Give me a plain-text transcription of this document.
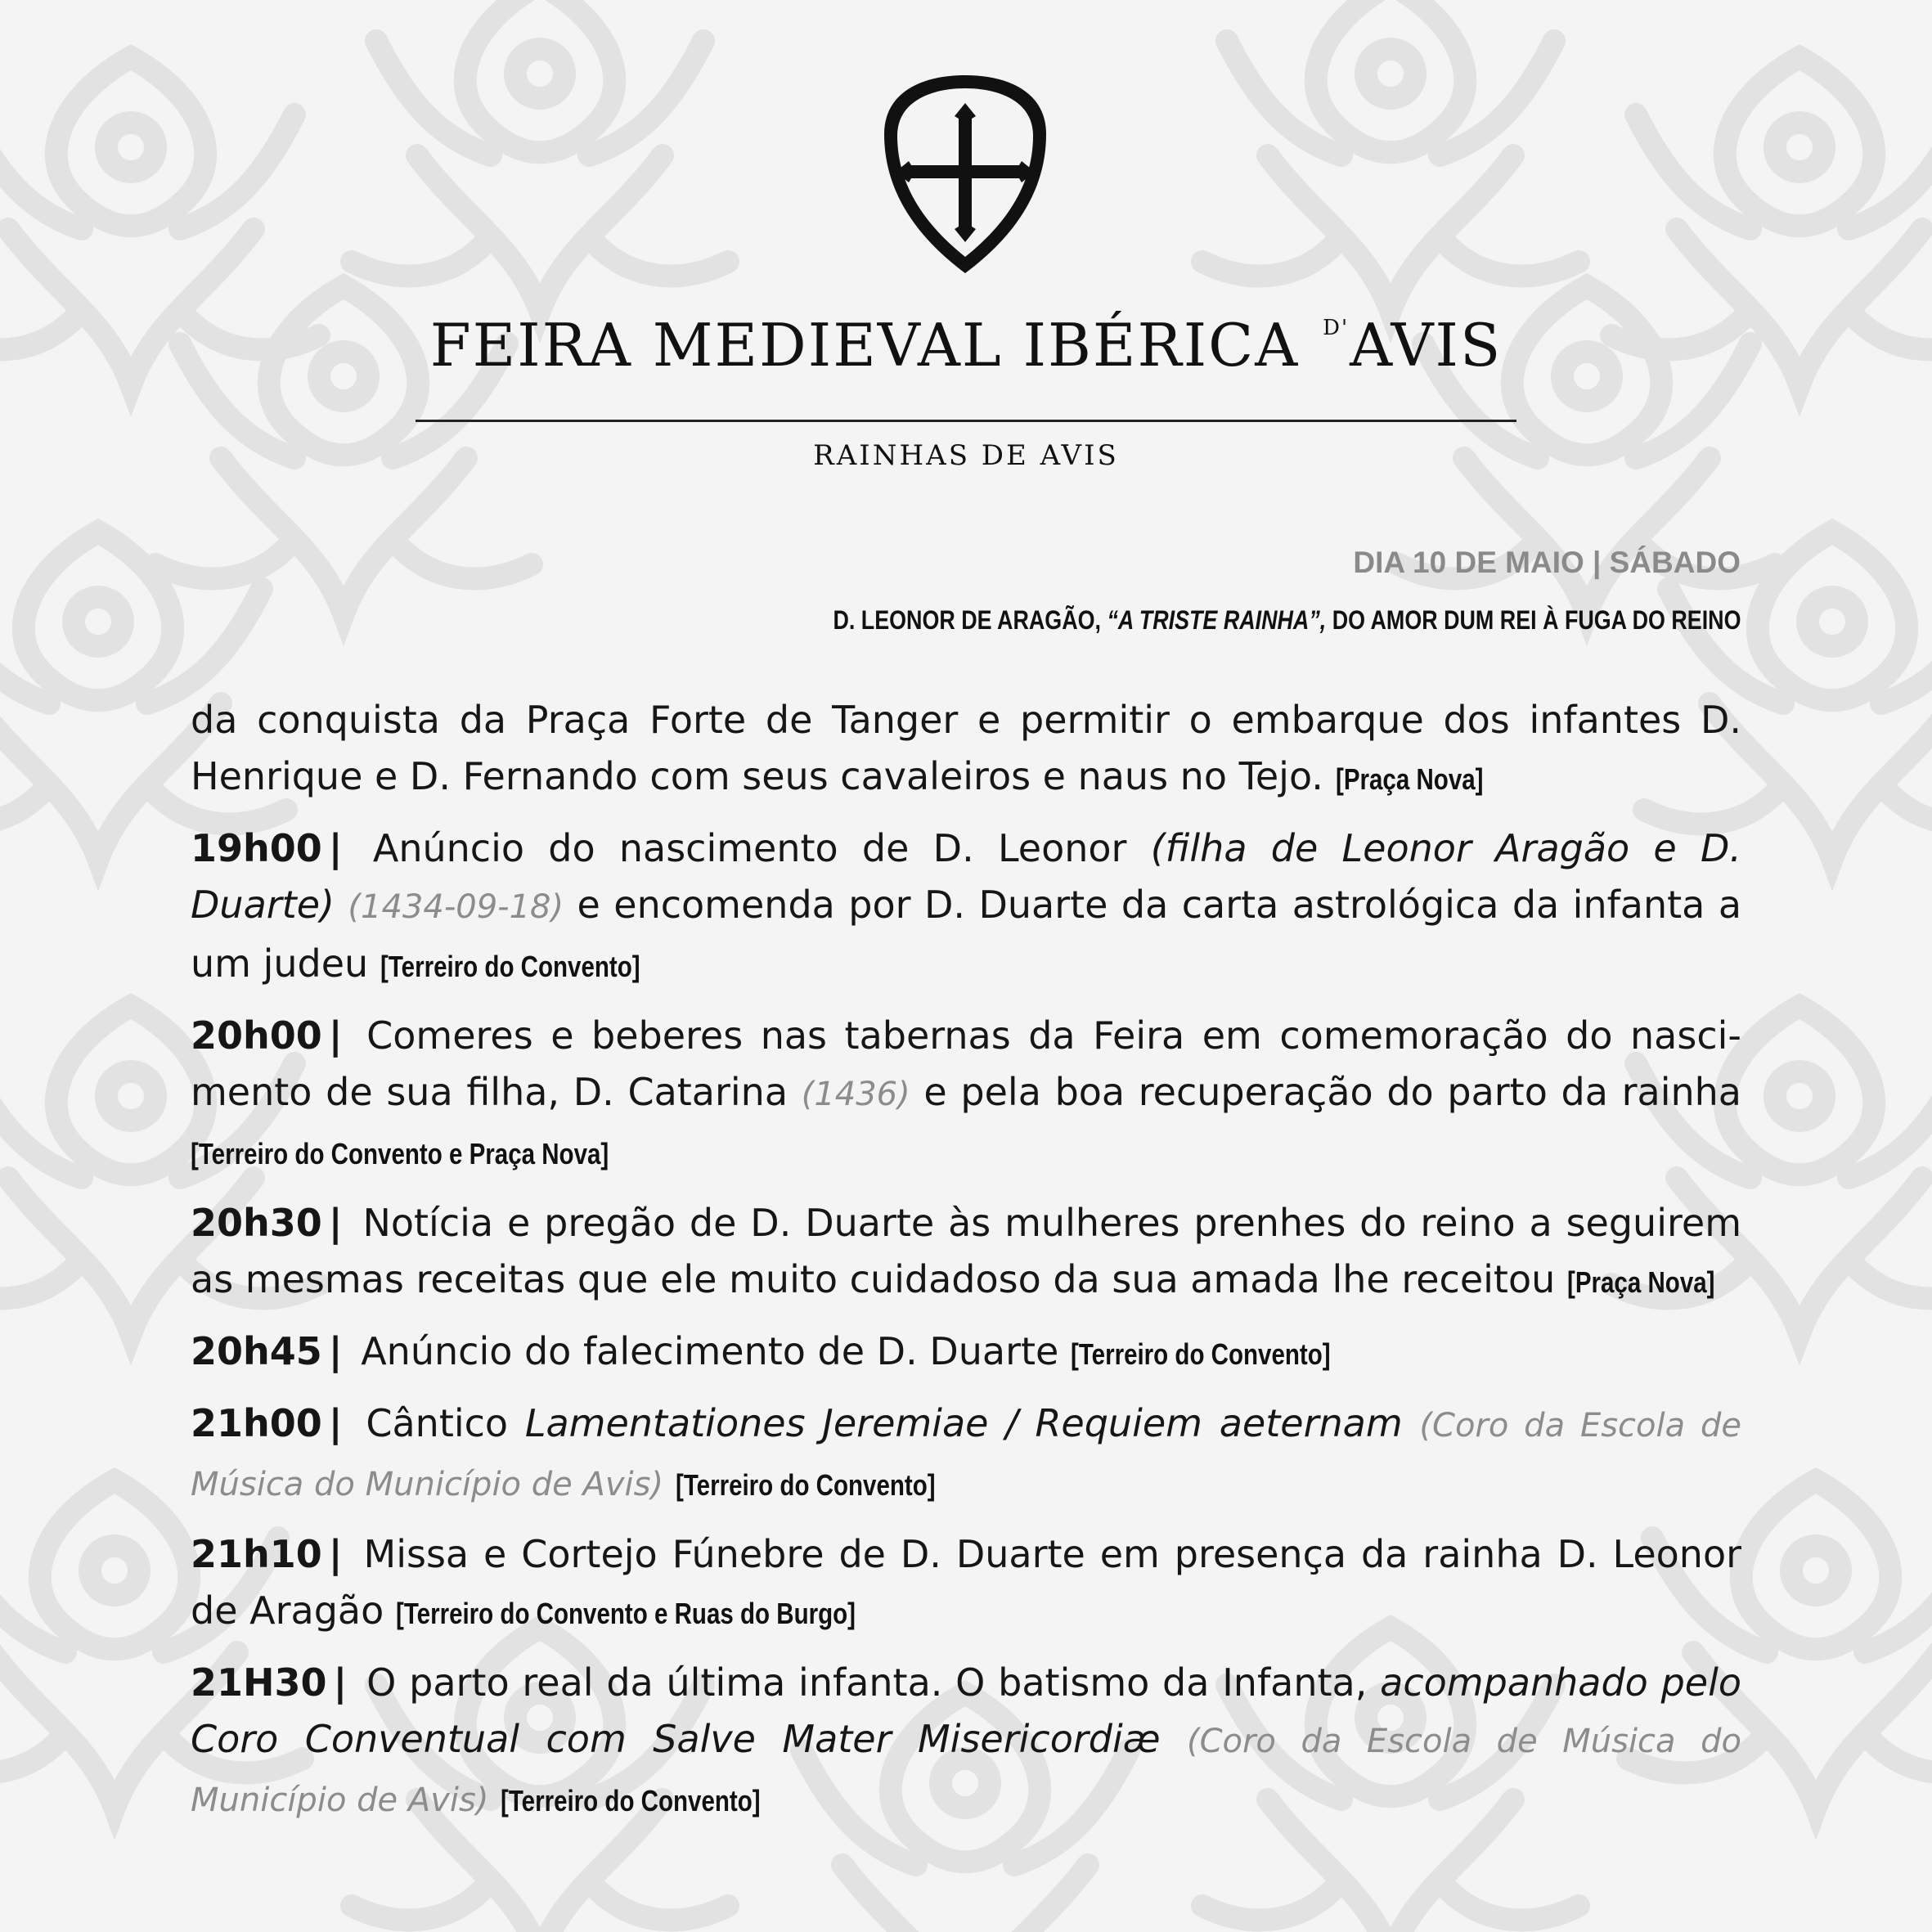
FEIRA MEDIEVAL IBÉRICA $^{D'}$AVIS
RAINHAS DE AVIS
DIA 10 DE MAIO | SÁBADO
D. LEONOR DE ARAGÃO, “A TRISTE RAINHA”, DO AMOR DUM REI À FUGA DO REINO
da conquista da Praça Forte de Tanger e permitir o embarque dos infantes D. Henrique e D. Fernando com seus cavaleiros e naus no Tejo. [Praça Nova]
19h00 | Anúncio do nascimento de D. Leonor (filha de Leonor Aragão e D. Duarte) (1434-09-18) e encomenda por D. Duarte da carta astrológica da infanta a um judeu [Terreiro do Convento]
20h00 | Comeres e beberes nas tabernas da Feira em comemoração do nascimento de sua filha, D. Catarina (1436) e pela boa recuperação do parto da rainha [Terreiro do Convento e Praça Nova]
20h30 | Notícia e pregão de D. Duarte às mulheres prenhes do reino a seguirem as mesmas receitas que ele muito cuidadoso da sua amada lhe receitou [Praça Nova]
20h45 | Anúncio do falecimento de D. Duarte [Terreiro do Convento]
21h00 | Cântico Lamentationes Jeremiae / Requiem aeternam (Coro da Escola de Música do Município de Avis) [Terreiro do Convento]
21h10 | Missa e Cortejo Fúnebre de D. Duarte em presença da rainha D. Leonor de Aragão [Terreiro do Convento e Ruas do Burgo]
21H30 | O parto real da última infanta. O batismo da Infanta, acompanhado pelo Coro Conventual com Salve Mater Misericordiæ (Coro da Escola de Música do Município de Avis) [Terreiro do Convento]
